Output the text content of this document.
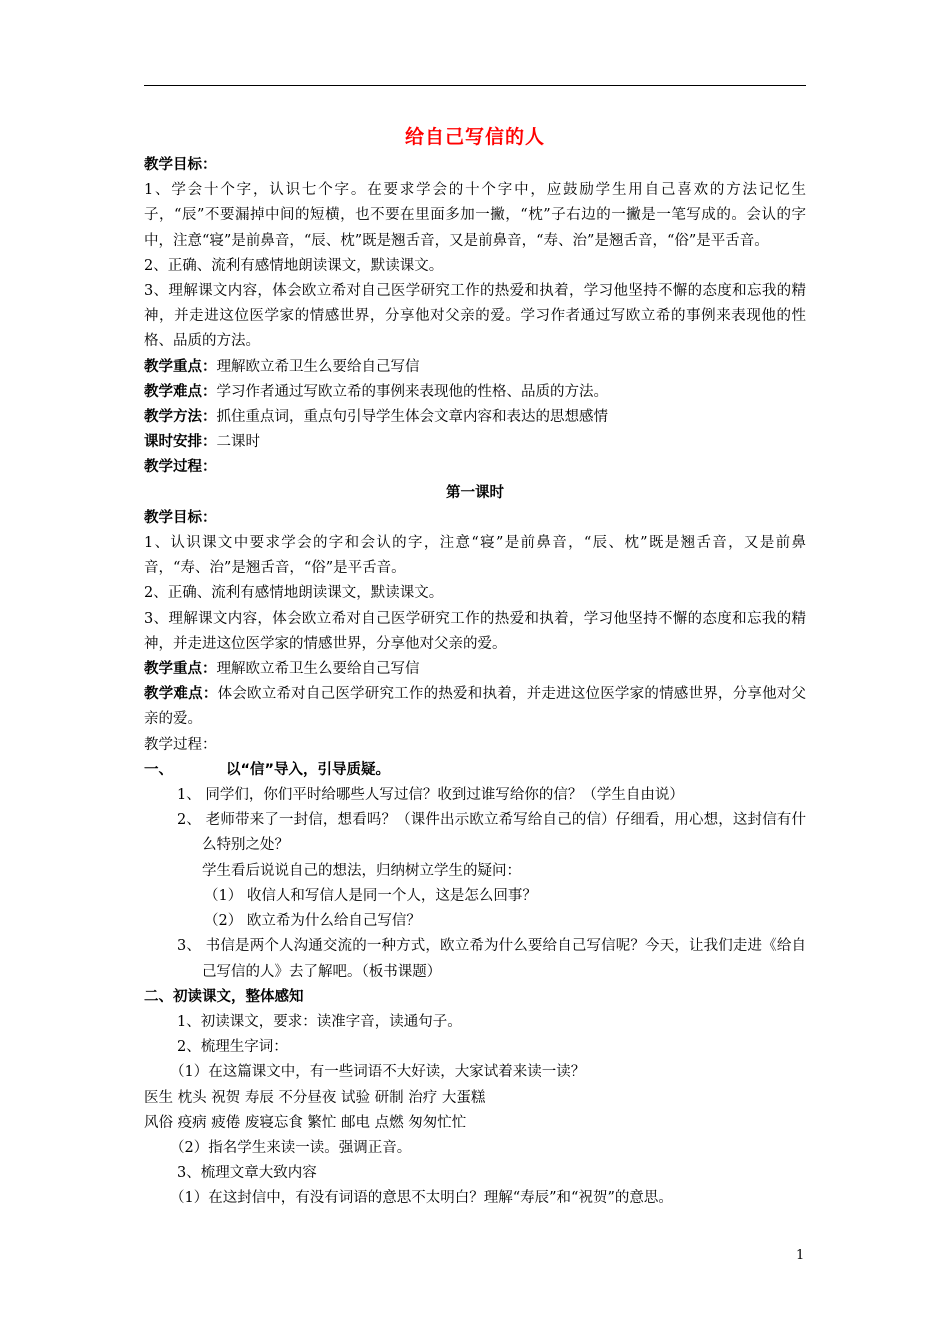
给自己写信的人

教学目标：

1、学会十个字，认识七个字。在要求学会的十个字中，应鼓励学生用自己喜欢的方法记忆生子，“辰”不要漏掉中间的短横，也不要在里面多加一撇，“枕”子右边的一撇是一笔写成的。会认的字中，注意“寝”是前鼻音，“辰、枕”既是翘舌音，又是前鼻音，“寿、治”是翘舌音，“俗”是平舌音。

2、正确、流利有感情地朗读课文，默读课文。

3、理解课文内容，体会欧立希对自己医学研究工作的热爱和执着，学习他坚持不懈的态度和忘我的精神，并走进这位医学家的情感世界，分享他对父亲的爱。学习作者通过写欧立希的事例来表现他的性格、品质的方法。

教学重点：理解欧立希卫生么要给自己写信

教学难点：学习作者通过写欧立希的事例来表现他的性格、品质的方法。

教学方法：抓住重点词，重点句引导学生体会文章内容和表达的思想感情

课时安排：二课时

教学过程：

第一课时

教学目标：

1、认识课文中要求学会的字和会认的字，注意“寝”是前鼻音，“辰、枕”既是翘舌音，又是前鼻音，“寿、治”是翘舌音，“俗”是平舌音。

2、正确、流利有感情地朗读课文，默读课文。

3、理解课文内容，体会欧立希对自己医学研究工作的热爱和执着，学习他坚持不懈的态度和忘我的精神，并走进这位医学家的情感世界，分享他对父亲的爱。

教学重点：理解欧立希卫生么要给自己写信

教学难点：体会欧立希对自己医学研究工作的热爱和执着，并走进这位医学家的情感世界，分享他对父亲的爱。

教学过程：

一、	以“信”导入，引导质疑。

1、 同学们，你们平时给哪些人写过信？收到过谁写给你的信？（学生自由说）

2、 老师带来了一封信，想看吗？（课件出示欧立希写给自己的信）仔细看，用心想，这封信有什么特别之处？

学生看后说说自己的想法，归纳树立学生的疑问：

（1） 收信人和写信人是同一个人，这是怎么回事？

（2） 欧立希为什么给自己写信？

3、 书信是两个人沟通交流的一种方式，欧立希为什么要给自己写信呢？今天，让我们走进《给自己写信的人》去了解吧。（板书课题）

二、初读课文，整体感知

1、初读课文，要求：读准字音，读通句子。

2、梳理生字词：

（1）在这篇课文中，有一些词语不大好读，大家试着来读一读？

医生 枕头 祝贺 寿辰 不分昼夜 试验 研制 治疗 大蛋糕

风俗 疫病 疲倦 废寝忘食 繁忙 邮电 点燃 匆匆忙忙

（2）指名学生来读一读。强调正音。

3、梳理文章大致内容

（1）在这封信中，有没有词语的意思不太明白？理解“寿辰”和“祝贺”的意思。

1
